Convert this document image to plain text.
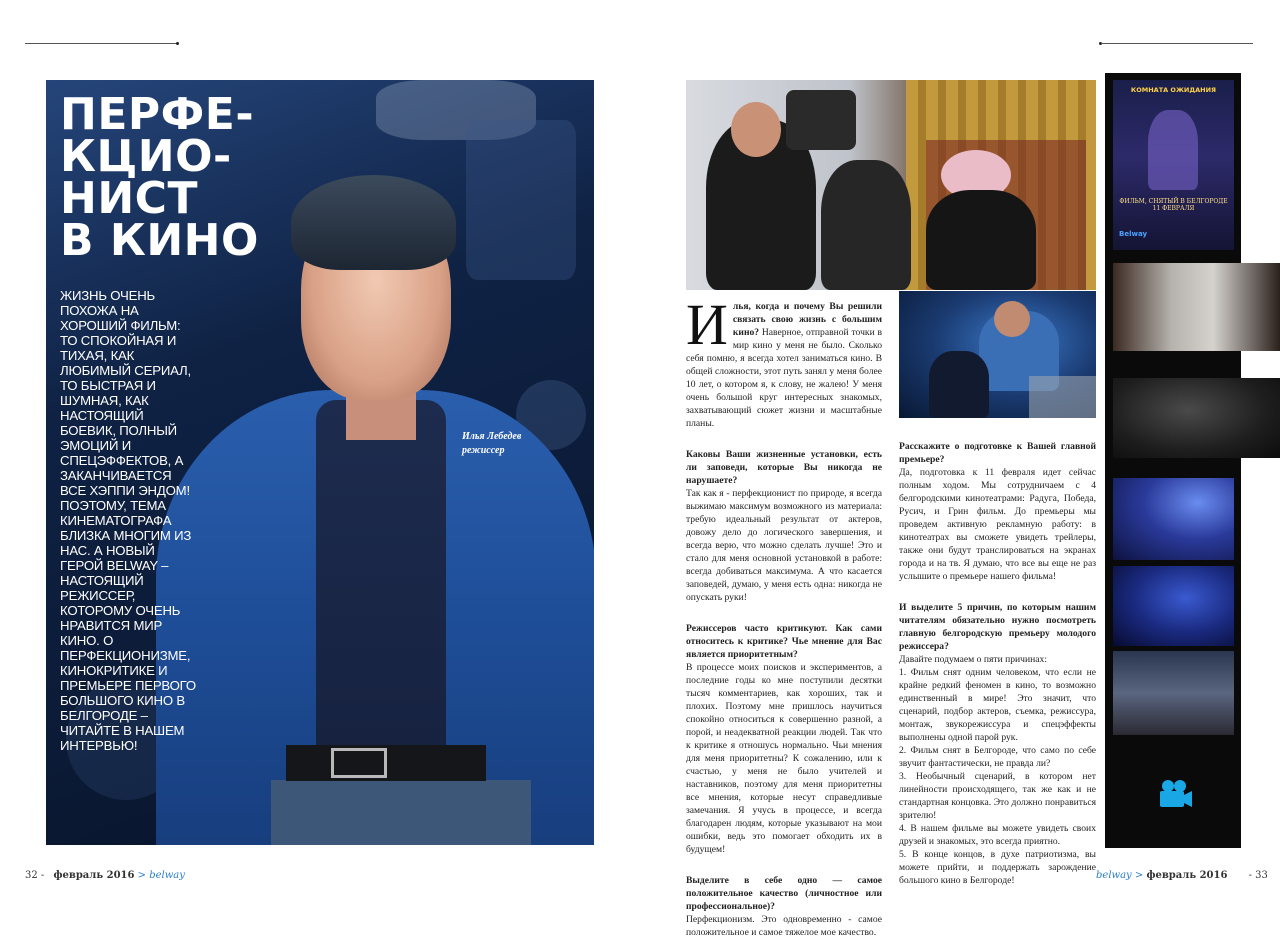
ПЕРФЕ-
КЦИО-
НИСТ
В КИНО
ЖИЗНЬ ОЧЕНЬ ПОХОЖА НА ХОРОШИЙ ФИЛЬМ: ТО СПОКОЙНАЯ И ТИХАЯ, КАК ЛЮБИМЫЙ СЕРИАЛ, ТО БЫСТРАЯ И ШУМНАЯ, КАК НАСТОЯЩИЙ БОЕВИК, ПОЛНЫЙ ЭМОЦИЙ И СПЕЦЭФФЕКТОВ, А ЗАКАНЧИВАЕТСЯ ВСЕ ХЭППИ ЭНДОМ! ПОЭТОМУ, ТЕМА КИНЕМАТОГРАФА БЛИЗКА МНОГИМ ИЗ НАС. А НОВЫЙ ГЕРОЙ BELWAY – НАСТОЯЩИЙ РЕЖИССЕР, КОТОРОМУ ОЧЕНЬ НРАВИТСЯ МИР КИНО. О ПЕРФЕКЦИОНИЗМЕ, КИНОКРИТИКЕ И ПРЕМЬЕРЕ ПЕРВОГО БОЛЬШОГО КИНО В БЕЛГОРОДЕ – ЧИТАЙТЕ В НАШЕМ ИНТЕРВЬЮ!
Илья Лебедев
режиссер
КОМНАТА ОЖИДАНИЯ
ФИЛЬМ, СНЯТЫЙ В БЕЛГОРОДЕ
11 ФЕВРАЛЯ
Belway

Илья, когда и почему Вы решили связать свою жизнь с большим кино? Наверное, отправной точки в мир кино у меня не было. Сколько себя помню, я всегда хотел заниматься кино. В общей сложности, этот путь занял у меня более 10 лет, о котором я, к слову, не жалею! У меня очень большой круг интересных знакомых, захватывающий сюжет жизни и масштабные планы.

Каковы Ваши жизненные установки, есть ли заповеди, которые Вы никогда не нарушаете?
Так как я - перфекционист по природе, я всегда выжимаю максимум возможного из материала: требую идеальный результат от актеров, довожу дело до логического завершения, и всегда верю, что можно сделать лучше! Это и стало для меня основной установкой в работе: всегда добиваться максимума. А что касается заповедей, думаю, у меня есть одна: никогда не опускать руки!

Режиссеров часто критикуют. Как сами относитесь к критике? Чье мнение для Вас является приоритетным?
В процессе моих поисков и экспериментов, а последние годы ко мне поступили десятки тысяч комментариев, как хороших, так и плохих. Поэтому мне пришлось научиться спокойно относиться к совершенно разной, а порой, и неадекватной реакции людей. Так что к критике я отношусь нормально. Чьи мнения для меня приоритетны? К сожалению, или к счастью, у меня не было учителей и наставников, поэтому для меня приоритетны все мнения, которые несут справедливые замечания. Я учусь в процессе, и всегда благодарен людям, которые указывают на мои ошибки, ведь это помогает обходить их в будущем!

Выделите в себе одно — самое положительное качество (личностное или профессиональное)?
Перфекционизм. Это одновременно - самое положительное и самое тяжелое мое качество.

Расскажите о подготовке к Вашей главной премьере?
Да, подготовка к 11 февраля идет сейчас полным ходом. Мы сотрудничаем с 4 белгородскими кинотеатрами: Радуга, Победа, Русич, и Грин фильм. До премьеры мы проведем активную рекламную работу: в кинотеатрах вы сможете увидеть трейлеры, также они будут транслироваться на экранах города и на тв. Я думаю, что все вы еще не раз услышите о премьере нашего фильма!

И выделите 5 причин, по которым нашим читателям обязательно нужно посмотреть главную белгородскую премьеру молодого режиссера?
Давайте подумаем о пяти причинах:
1. Фильм снят одним человеком, что если не крайне редкий феномен в кино, то возможно единственный в мире! Это значит, что сценарий, подбор актеров, съемка, режиссура, монтаж, звукорежиссура и спецэффекты выполнены одной парой рук.
2. Фильм снят в Белгороде, что само по себе звучит фантастически, не правда ли?
3. Необычный сценарий, в котором нет линейности происходящего, так же как и не стандартная концовка. Это должно понравиться зрителю!
4. В нашем фильме вы можете увидеть своих друзей и знакомых, это всегда приятно.
5. В конце концов, в духе патриотизма, вы можете прийти, и поддержать зарождение большого кино в Белгороде!

32 - февраль 2016 > belway	belway > февраль 2016 - 33
